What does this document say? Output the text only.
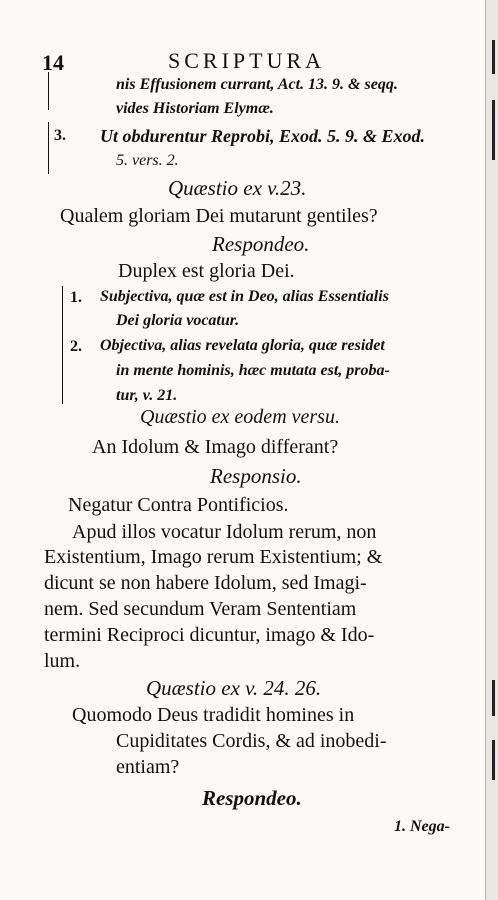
14	SCRIPTURA
nis Effusionem currant, Act. 13. 9. & seqq.
vides Historiam Elymæ.
3. Ut obdurentur Reprobi, Exod. 5. 9. & Exod.
5. vers. 2.
Quæstio ex v.23.
Qualem gloriam Dei mutarunt gentiles?
Respondeo.
Duplex est gloria Dei.
1. Subjectiva, quæ est in Deo, alias Essentialis
Dei gloria vocatur.
2. Objectiva, alias revelata gloria, quæ residet
in mente hominis, hæc mutata est, proba-
tur, v. 21.
Quæstio ex eodem versu.
An Idolum & Imago differant?
Responsio.
Negatur Contra Pontificios.
Apud illos vocatur Idolum rerum, non
Existentium, Imago rerum Existentium; &
dicunt se non habere Idolum, sed Imagi-
nem. Sed secundum Veram Sententiam
termini Reciproci dicuntur, imago & Ido-
lum.
Quæstio ex v. 24. 26.
Quomodo Deus tradidit homines in
Cupiditates Cordis, & ad inobedi-
entiam?
Respondeo.
1. Nega-
